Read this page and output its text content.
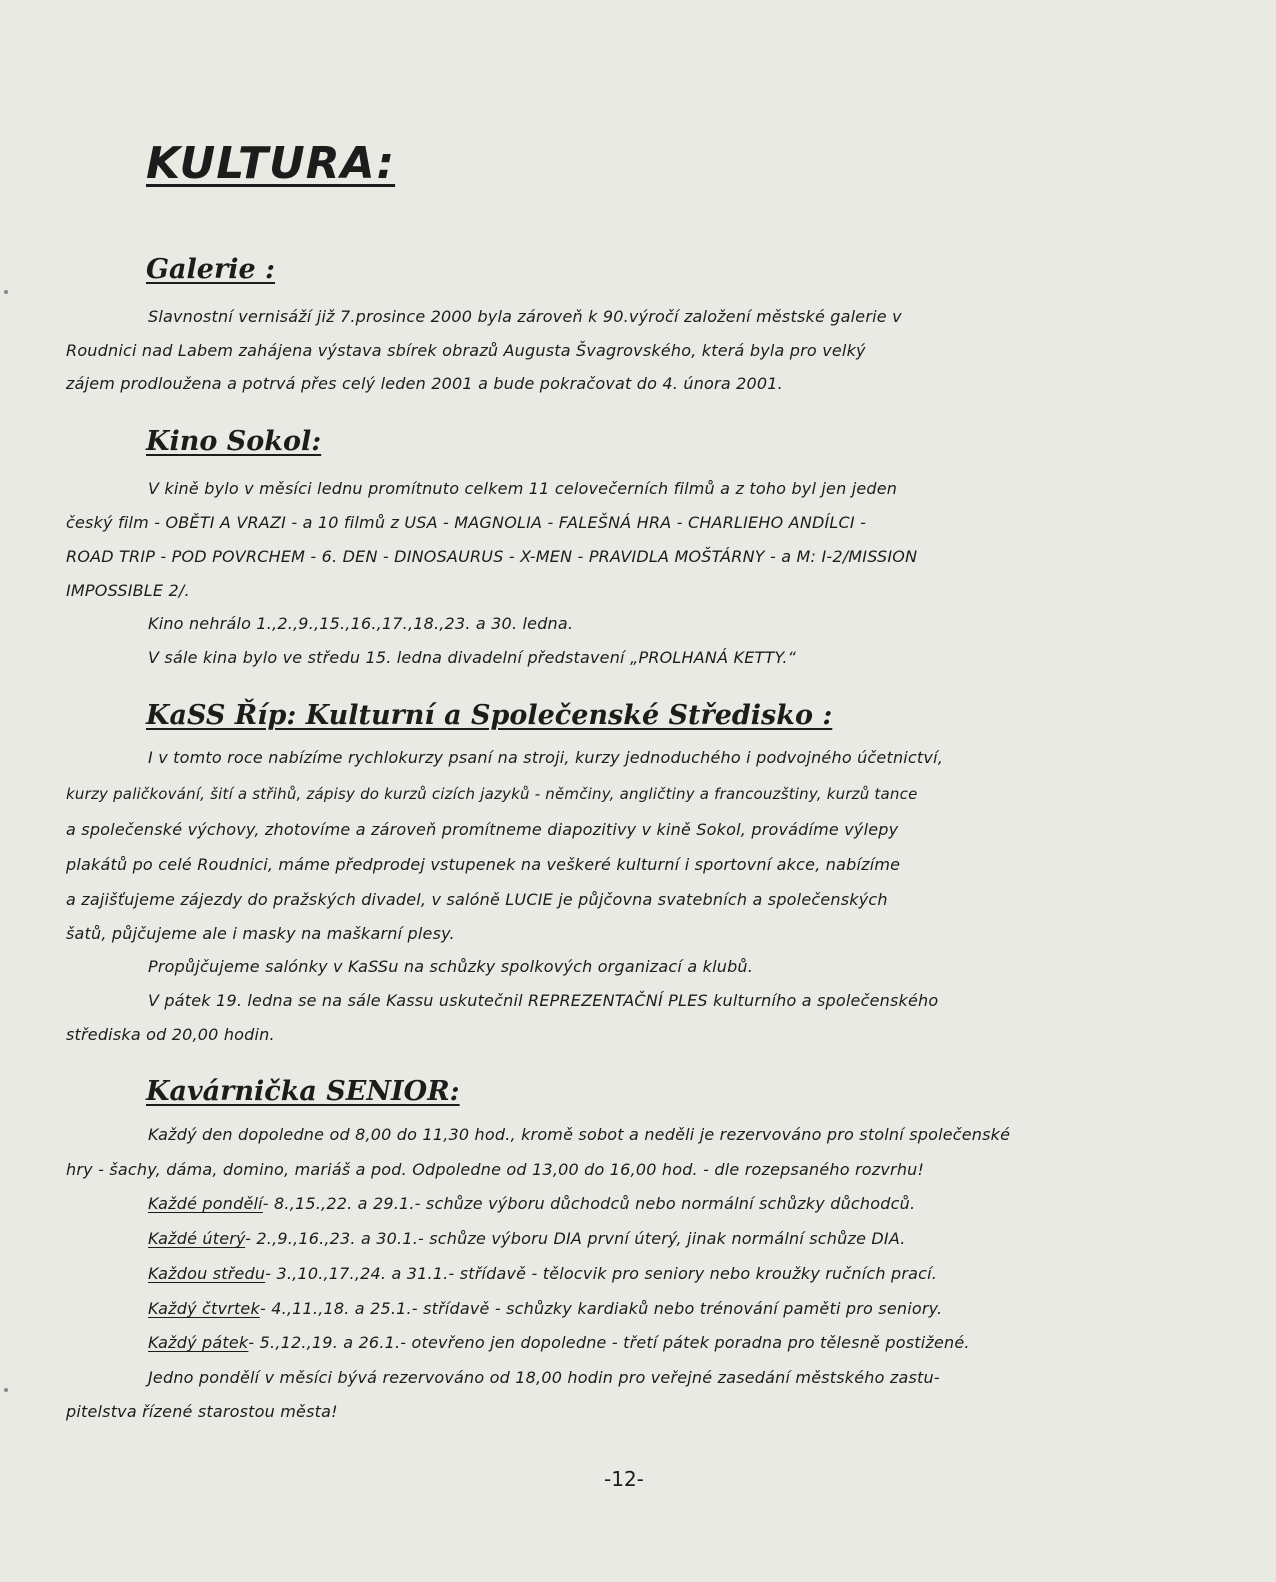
KULTURA:
Galerie :
Slavnostní vernisáží již 7.prosince 2000 byla zároveň k 90.výročí založení městské galerie v
Roudnici nad Labem zahájena výstava sbírek obrazů Augusta Švagrovského, která byla pro velký
zájem prodloužena a potrvá přes celý leden 2001 a bude pokračovat do 4. února 2001.
Kino Sokol:
V kině bylo v měsíci lednu promítnuto celkem 11 celovečerních filmů a z toho byl jen jeden
český film - OBĚTI A VRAZI - a 10 filmů z USA - MAGNOLIA - FALEŠNÁ HRA - CHARLIEHO ANDÍLCI -
ROAD TRIP - POD POVRCHEM - 6. DEN - DINOSAURUS - X-MEN - PRAVIDLA MOŠTÁRNY - a M: I-2/MISSION
IMPOSSIBLE 2/.
Kino nehrálo 1.,2.,9.,15.,16.,17.,18.,23. a 30. ledna.
V sále kina bylo ve středu 15. ledna divadelní představení „PROLHANÁ KETTY.“
KaSS Říp: Kulturní a Společenské Středisko :
I v tomto roce nabízíme rychlokurzy psaní na stroji, kurzy jednoduchého i podvojného účetnictví,
kurzy paličkování, šití a střihů, zápisy do kurzů cizích jazyků - němčiny, angličtiny a francouzštiny, kurzů tance
a společenské výchovy, zhotovíme a zároveň promítneme diapozitivy v kině Sokol, provádíme výlepy
plakátů po celé Roudnici, máme předprodej vstupenek na veškeré kulturní i sportovní akce, nabízíme
a zajišťujeme zájezdy do pražských divadel, v salóně LUCIE je půjčovna svatebních a společenských
šatů, půjčujeme ale i masky na maškarní plesy.
Propůjčujeme salónky v KaSSu na schůzky spolkových organizací a klubů.
V pátek 19. ledna se na sále Kassu uskutečnil REPREZENTAČNÍ PLES kulturního a společenského
střediska od 20,00 hodin.
Kavárnička SENIOR:
Každý den dopoledne od 8,00 do 11,30 hod., kromě sobot a neděli je rezervováno pro stolní společenské
hry - šachy, dáma, domino, mariáš a pod. Odpoledne od 13,00 do 16,00 hod. - dle rozepsaného rozvrhu!
Každé pondělí- 8.,15.,22. a 29.1.- schůze výboru důchodců nebo normální schůzky důchodců.
Každé úterý- 2.,9.,16.,23. a 30.1.- schůze výboru DIA první úterý, jinak normální schůze DIA.
Každou středu- 3.,10.,17.,24. a 31.1.- střídavě - tělocvik pro seniory nebo kroužky ručních prací.
Každý čtvrtek- 4.,11.,18. a 25.1.- střídavě - schůzky kardiaků nebo trénování paměti pro seniory.
Každý pátek- 5.,12.,19. a 26.1.- otevřeno jen dopoledne - třetí pátek poradna pro tělesně postižené.
Jedno pondělí v měsíci bývá rezervováno od 18,00 hodin pro veřejné zasedání městského zastu-
pitelstva řízené starostou města!
-12-
